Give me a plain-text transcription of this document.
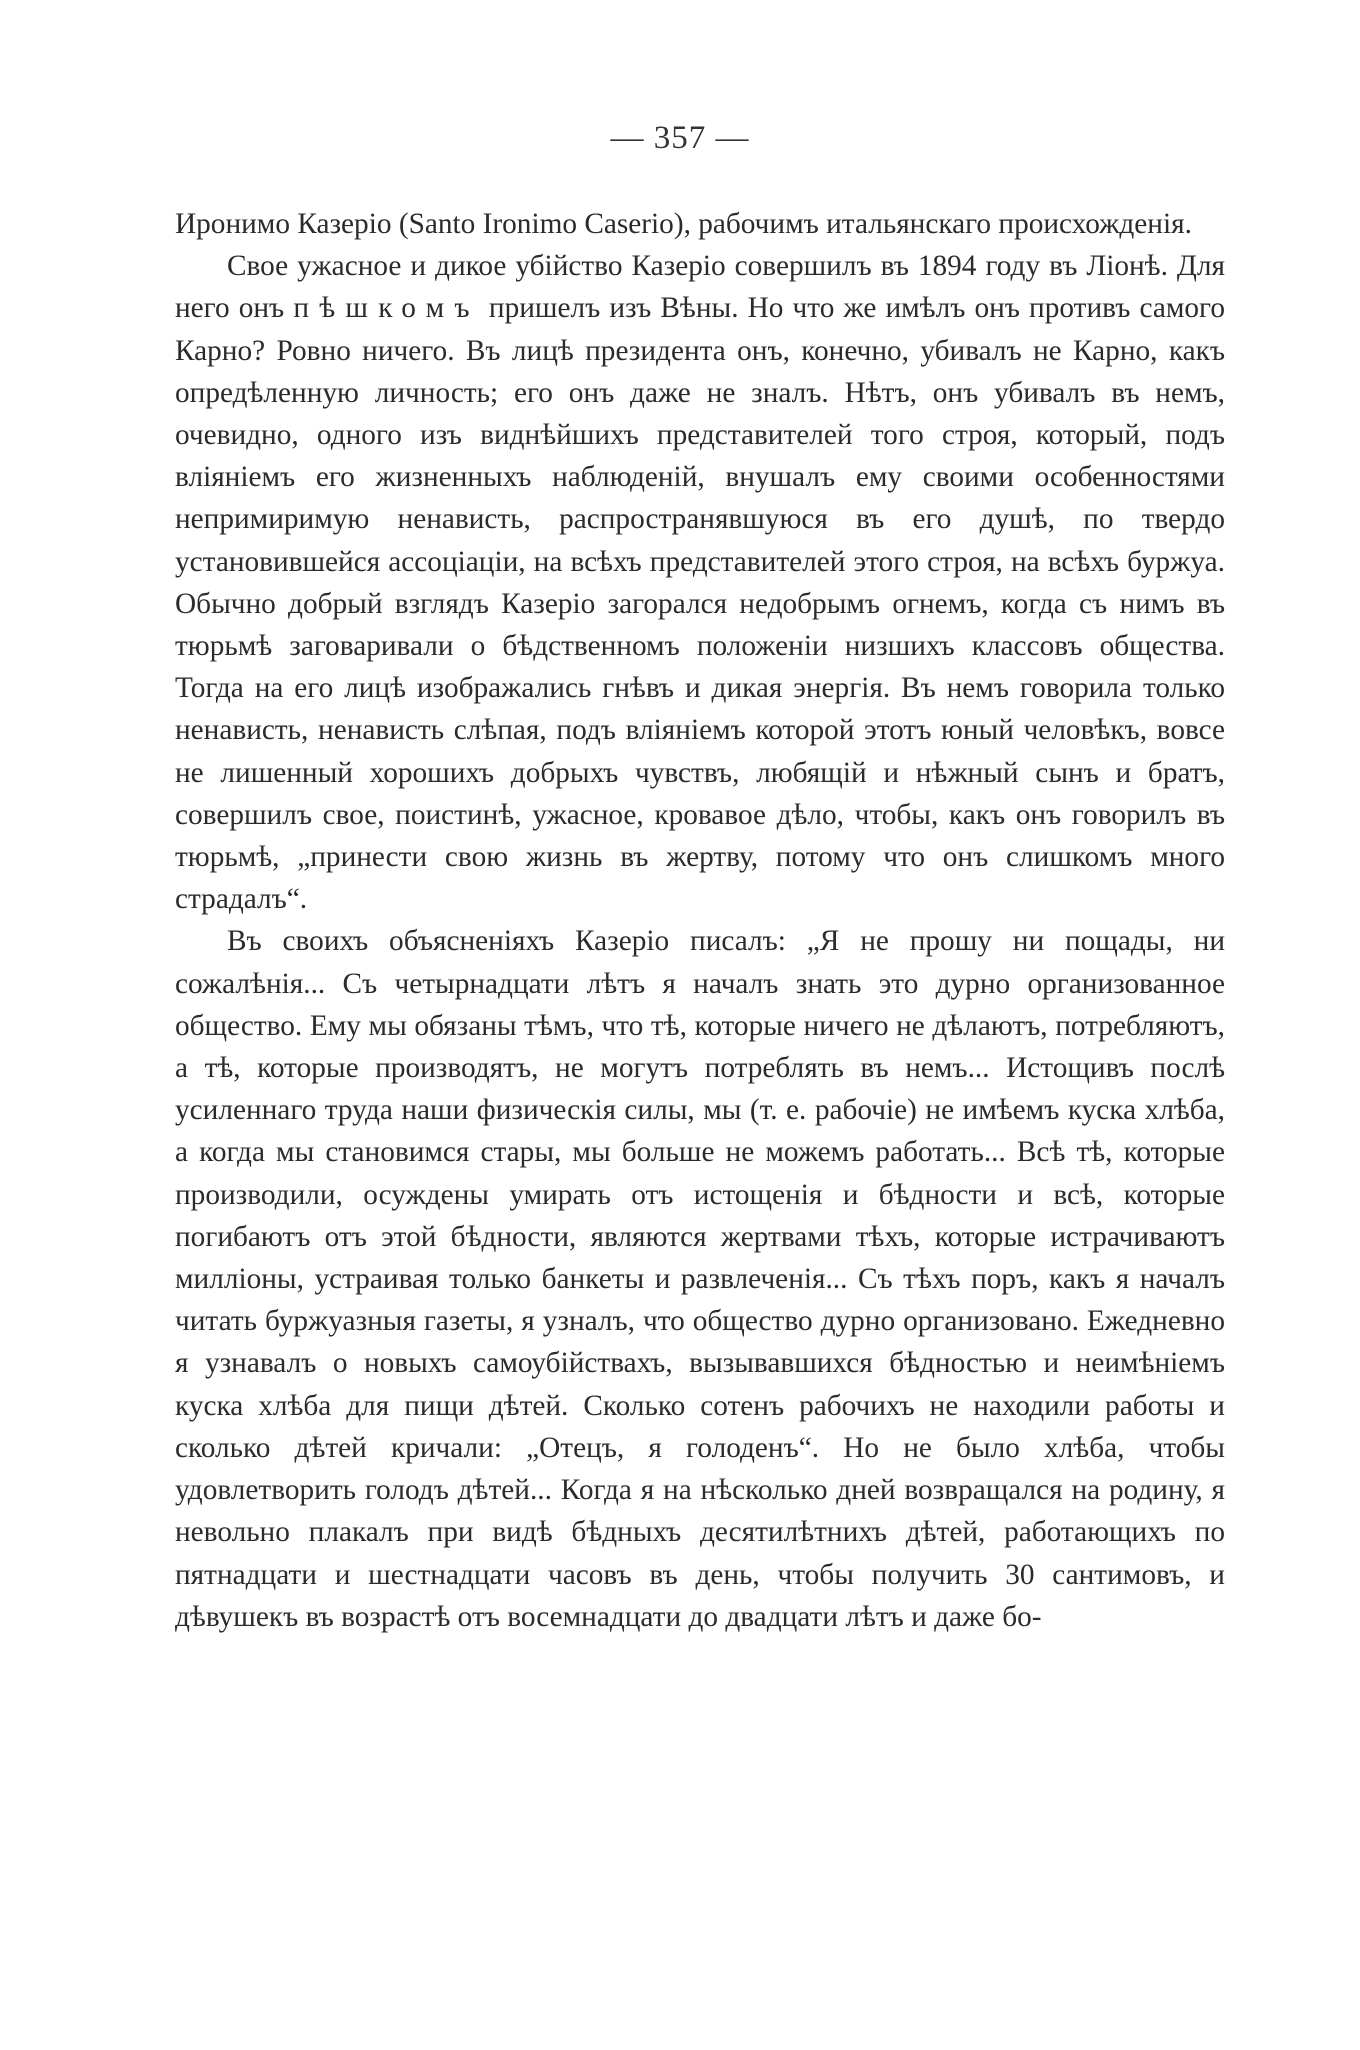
— 357 —

Иронимо Казеріо (Santo Ironimo Caserio), рабочимъ итальянскаго происхожденія.

Свое ужасное и дикое убійство Казеріо совершилъ въ 1894 году въ Ліонѣ. Для него онъ пѣшкомъ пришелъ изъ Вѣны. Но что же имѣлъ онъ противъ самого Карно? Ровно ничего. Въ лицѣ президента онъ, конечно, убивалъ не Карно, какъ опредѣленную личность; его онъ даже не зналъ. Нѣтъ, онъ убивалъ въ немъ, очевидно, одного изъ виднѣйшихъ представителей того строя, который, подъ вліяніемъ его жизненныхъ наблюденій, внушалъ ему своими особенностями непримиримую ненависть, распространявшуюся въ его душѣ, по твердо установившейся ассоціаціи, на всѣхъ представителей этого строя, на всѣхъ буржуа. Обычно добрый взглядъ Казеріо загорался недобрымъ огнемъ, когда съ нимъ въ тюрьмѣ заговаривали о бѣдственномъ положеніи низшихъ классовъ общества. Тогда на его лицѣ изображались гнѣвъ и дикая энергія. Въ немъ говорила только ненависть, ненависть слѣпая, подъ вліяніемъ которой этотъ юный человѣкъ, вовсе не лишенный хорошихъ добрыхъ чувствъ, любящій и нѣжный сынъ и братъ, совершилъ свое, поистинѣ, ужасное, кровавое дѣло, чтобы, какъ онъ говорилъ въ тюрьмѣ, „принести свою жизнь въ жертву, потому что онъ слишкомъ много страдалъ“.

Въ своихъ объясненіяхъ Казеріо писалъ: „Я не прошу ни пощады, ни сожалѣнія... Съ четырнадцати лѣтъ я началъ знать это дурно организованное общество. Ему мы обязаны тѣмъ, что тѣ, которые ничего не дѣлаютъ, потребляютъ, а тѣ, которые производятъ, не могутъ потреблять въ немъ... Истощивъ послѣ усиленнаго труда наши физическія силы, мы (т. е. рабочіе) не имѣемъ куска хлѣба, а когда мы становимся стары, мы больше не можемъ работать... Всѣ тѣ, которые производили, осуждены умирать отъ истощенія и бѣдности и всѣ, которые погибаютъ отъ этой бѣдности, являются жертвами тѣхъ, которые истрачиваютъ милліоны, устраивая только банкеты и развлеченія... Съ тѣхъ поръ, какъ я началъ читать буржуазныя газеты, я узналъ, что общество дурно организовано. Ежедневно я узнавалъ о новыхъ самоубійствахъ, вызывавшихся бѣдностью и неимѣніемъ куска хлѣба для пищи дѣтей. Сколько сотенъ рабочихъ не находили работы и сколько дѣтей кричали: „Отецъ, я голоденъ“. Но не было хлѣба, чтобы удовлетворить голодъ дѣтей... Когда я на нѣсколько дней возвращался на родину, я невольно плакалъ при видѣ бѣдныхъ десятилѣтнихъ дѣтей, работающихъ по пятнадцати и шестнадцати часовъ въ день, чтобы получить 30 сантимовъ, и дѣвушекъ въ возрастѣ отъ восемнадцати до двадцати лѣтъ и даже бо-
